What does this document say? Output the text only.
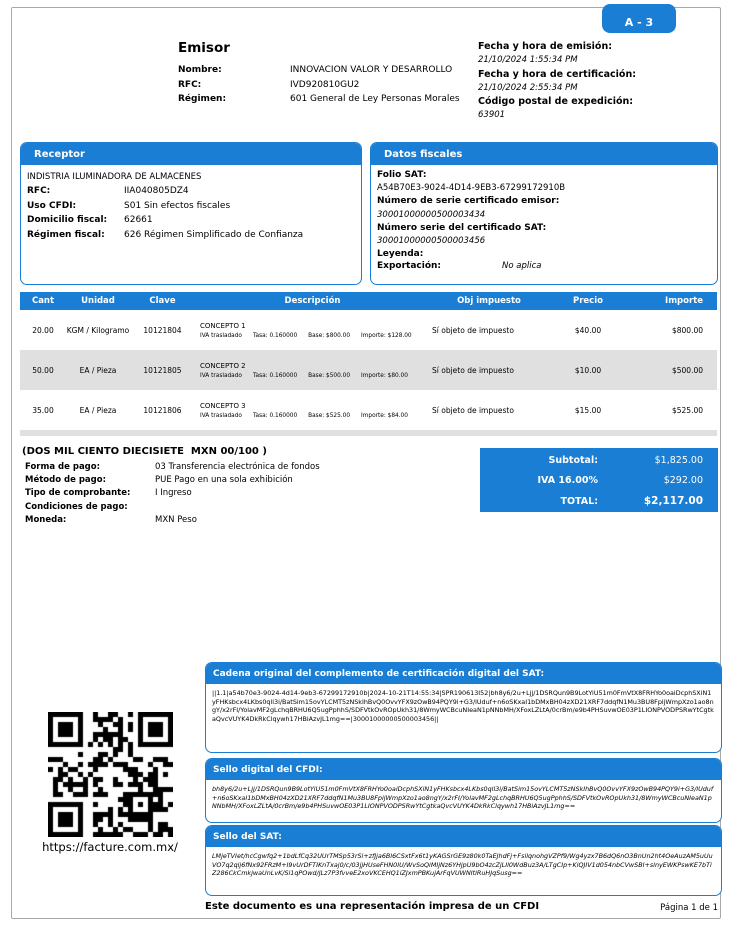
A - 3
Emisor
Nombre:	INNOVACION VALOR Y DESARROLLO
RFC:	IVD920810GU2
Régimen:	601 General de Ley Personas Morales
Fecha y hora de emisión:
21/10/2024 1:55:34 PM
Fecha y hora de certificación:
21/10/2024 2:55:34 PM
Código postal de expedición:
63901
Receptor
INDISTRIA ILUMINADORA DE ALMACENES
RFC:	IIA040805DZ4
Uso CFDI:	S01 Sin efectos fiscales
Domicilio fiscal:	62661
Régimen fiscal:	626 Régimen Simplificado de Confianza
Datos fiscales
Folio SAT:
A54B70E3-9024-4D14-9EB3-67299172910B
Número de serie certificado emisor:
30001000000500003434
Número serie del certificado SAT:
30001000000500003456
Leyenda:
Exportación:	No aplica
Cant	Unidad	Clave	Descripción	Obj impuesto	Precio	Importe
20.00	KGM / Kilogramo	10121804	CONCEPTO 1
IVA trasladado Tasa: 0.160000 Base: $800.00 Importe: $128.00
Sí objeto de impuesto	$40.00	$800.00
50.00	EA / Pieza	10121805	CONCEPTO 2
IVA trasladado Tasa: 0.160000 Base: $500.00 Importe: $80.00
Sí objeto de impuesto	$10.00	$500.00
35.00	EA / Pieza	10121806	CONCEPTO 3
IVA trasladado Tasa: 0.160000 Base: $525.00 Importe: $84.00
Sí objeto de impuesto	$15.00	$525.00
(DOS MIL CIENTO DIECISIETE  MXN 00/100 )
Forma de pago:	03 Transferencia electrónica de fondos
Método de pago:	PUE Pago en una sola exhibición
Tipo de comprobante:	I Ingreso
Condiciones de pago:
Moneda:	MXN Peso
Subtotal:	$1,825.00
IVA 16.00%	$292.00
TOTAL:	$2,117.00
https://facture.com.mx/
Cadena original del complemento de certificación digital del SAT:
||1.1|a54b70e3-9024-4d14-9eb3-67299172910b|2024-10-21T14:55:34|SPR190613I52|bh8y6/2u+Ljj/1DSRQun9B9LotYiU51m0FmVtX8FRHYo0oaiDcphSXiN1yFHKsbcx4LKbs0qll3i/BatSim15ovYLCMT5zNSkIhBvQ0OvvYFX9zOwB94PQY9i+G3/lUduf+n6oSKxaI1bDMxBH04zXD21XRF7ddqfN1Mu3BU8FpijWmpXzo1ao8ngY/x2rFI/YolavMF2gLchqBRHU6Q5ugPphhS/SDFVtkOvROpUkh31/8WmyWCBcuNIeaN1pNNbMH/XFoxLZLtA/0crBm/e9b4PHSuvwOE03P1LIONPVODPSRwYtCgtkaQvcVUYK4DkRkClqywh17HBiAzvJL1mg==|30001000000500003456||
Sello digital del CFDI:
bh8y6/2u+Ljj/1DSRQun9B9LotYiU51m0FmVtX8FRHYo0oaiDcphSXiN1yFHKsbcx4LKbs0qll3i/BatSim15ovYLCMT5zNSkIhBvQ0OvvYFX9zOwB94PQY9i+G3/lUduf+n6oSKxaI1bDMxBH04zXD21XRF7ddqfN1Mu3BU8FpijWmpXzo1ao8ngY/x2rFI/YolavMF2gLchqBRHU6Q5ugPphhS/SDFVtkOvROpUkh31/8WmyWCBcuNIeaN1pNNbMH/XFoxLZLtA/0crBm/e9b4PHSuvwOE03P1LIONPVODPSRwYtCgtkaQvcVUYK4DkRkClqywh17HBiAzvJL1mg==
Sello del SAT:
LMjeTVIet/hcCgwfq2+1bdLfCq32UUrTMSp53rSi+zfJja6Bl6CSxtFx6t1yKAGSrGE9z80k0TaEJhdFj+FsilqnohgVZPf9/Wg4yzx7B6dQ6nO3BnUn2ht4OeAuzAM5uUuVO7q2qij6fNx92FRzM+I9vUrDFTIKnTxaj0/c/03jjHUseFHN0IU/WvSoQiMIjNz6YHjpU9bO4zcZjLIl0WdBuz3A/LTgCIp+KiQJIV1d054nbCVwSBI+slnyEWKPswKE7bTiZ286CkCmkjwaUnLvK/Si1qPOwd/jLz7P3fvveE2xoVKCEHQ1iZJxmPBKujArFqVUWNItiRuHJqSusg==
Este documento es una representación impresa de un CFDI	Página 1 de 1
